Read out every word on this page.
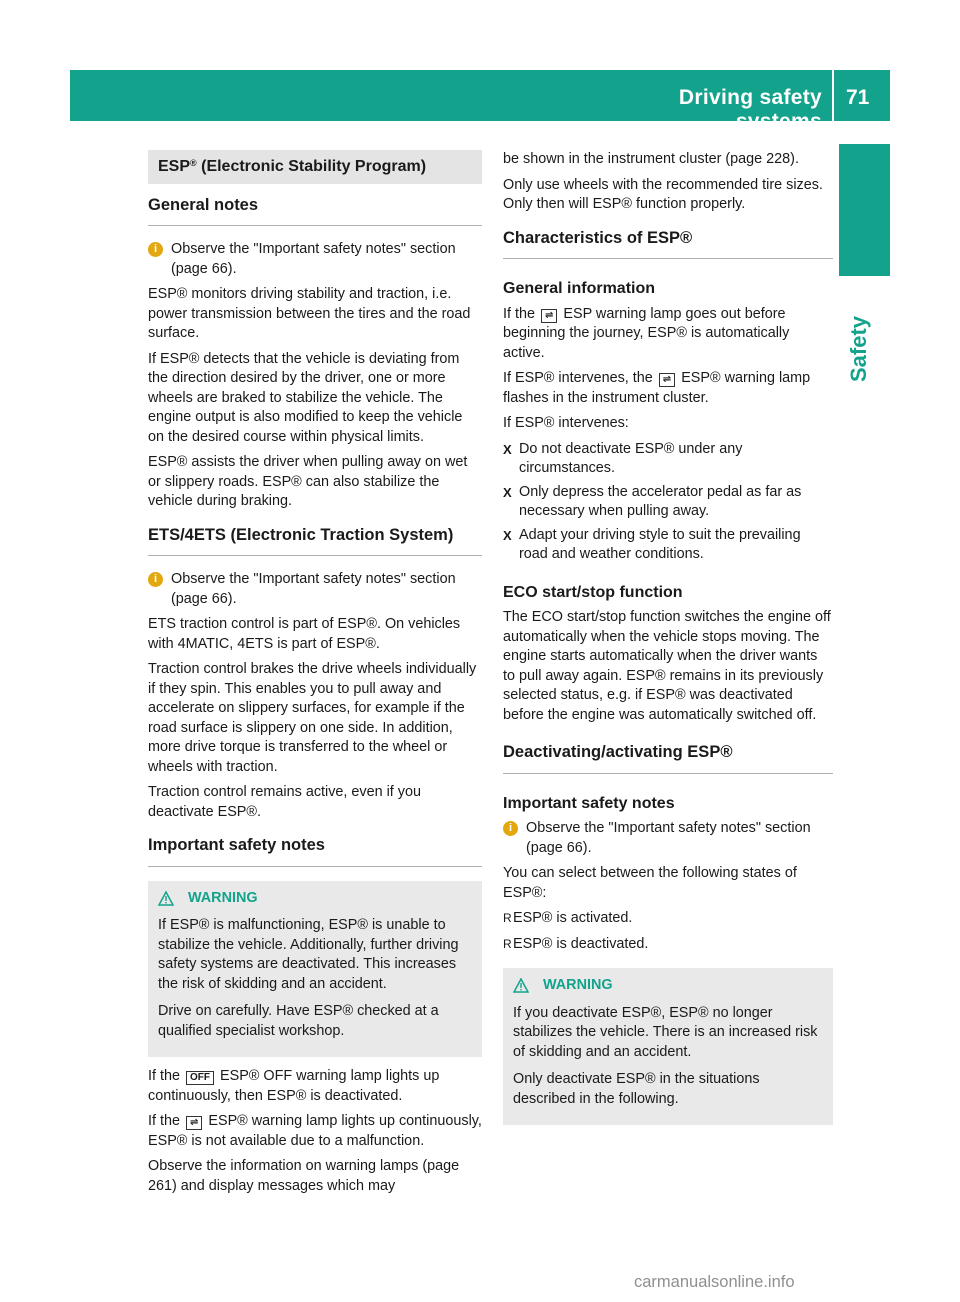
Driving safety systems
71
Safety
ESP® (Electronic Stability Program)
General notes
i Observe the "Important safety notes" section (page 66).

ESP® monitors driving stability and traction, i.e. power transmission between the tires and the road surface.

If ESP® detects that the vehicle is deviating from the direction desired by the driver, one or more wheels are braked to stabilize the vehicle. The engine output is also modified to keep the vehicle on the desired course within physical limits.

ESP® assists the driver when pulling away on wet or slippery roads. ESP® can also stabilize the vehicle during braking.

ETS/4ETS (Electronic Traction System)
i Observe the "Important safety notes" section (page 66).

ETS traction control is part of ESP®. On vehicles with 4MATIC, 4ETS is part of ESP®.

Traction control brakes the drive wheels individually if they spin. This enables you to pull away and accelerate on slippery surfaces, for example if the road surface is slippery on one side. In addition, more drive torque is transferred to the wheel or wheels with traction.

Traction control remains active, even if you deactivate ESP®.

Important safety notes
WARNING

If ESP® is malfunctioning, ESP® is unable to stabilize the vehicle. Additionally, further driving safety systems are deactivated. This increases the risk of skidding and an accident.

Drive on carefully. Have ESP® checked at a qualified specialist workshop.

If the OFF ESP® OFF warning lamp lights up continuously, then ESP® is deactivated.

If the ⇌ ESP® warning lamp lights up continuously, ESP® is not available due to a malfunction.

Observe the information on warning lamps (page 261) and display messages which may

be shown in the instrument cluster (page 228).

Only use wheels with the recommended tire sizes. Only then will ESP® function properly.

Characteristics of ESP®
General information

If the ⇌ ESP warning lamp goes out before beginning the journey, ESP® is automatically active.

If ESP® intervenes, the ⇌ ESP® warning lamp flashes in the instrument cluster.

If ESP® intervenes:

X Do not deactivate ESP® under any circumstances.
X Only depress the accelerator pedal as far as necessary when pulling away.
X Adapt your driving style to suit the prevailing road and weather conditions.
ECO start/stop function

The ECO start/stop function switches the engine off automatically when the vehicle stops moving. The engine starts automatically when the driver wants to pull away again. ESP® remains in its previously selected status, e.g. if ESP® was deactivated before the engine was automatically switched off.

Deactivating/activating ESP®
Important safety notes
i Observe the "Important safety notes" section (page 66).

You can select between the following states of ESP®:

R ESP® is activated.
R ESP® is deactivated.
WARNING

If you deactivate ESP®, ESP® no longer stabilizes the vehicle. There is an increased risk of skidding and an accident.

Only deactivate ESP® in the situations described in the following.

carmanualsonline.info
